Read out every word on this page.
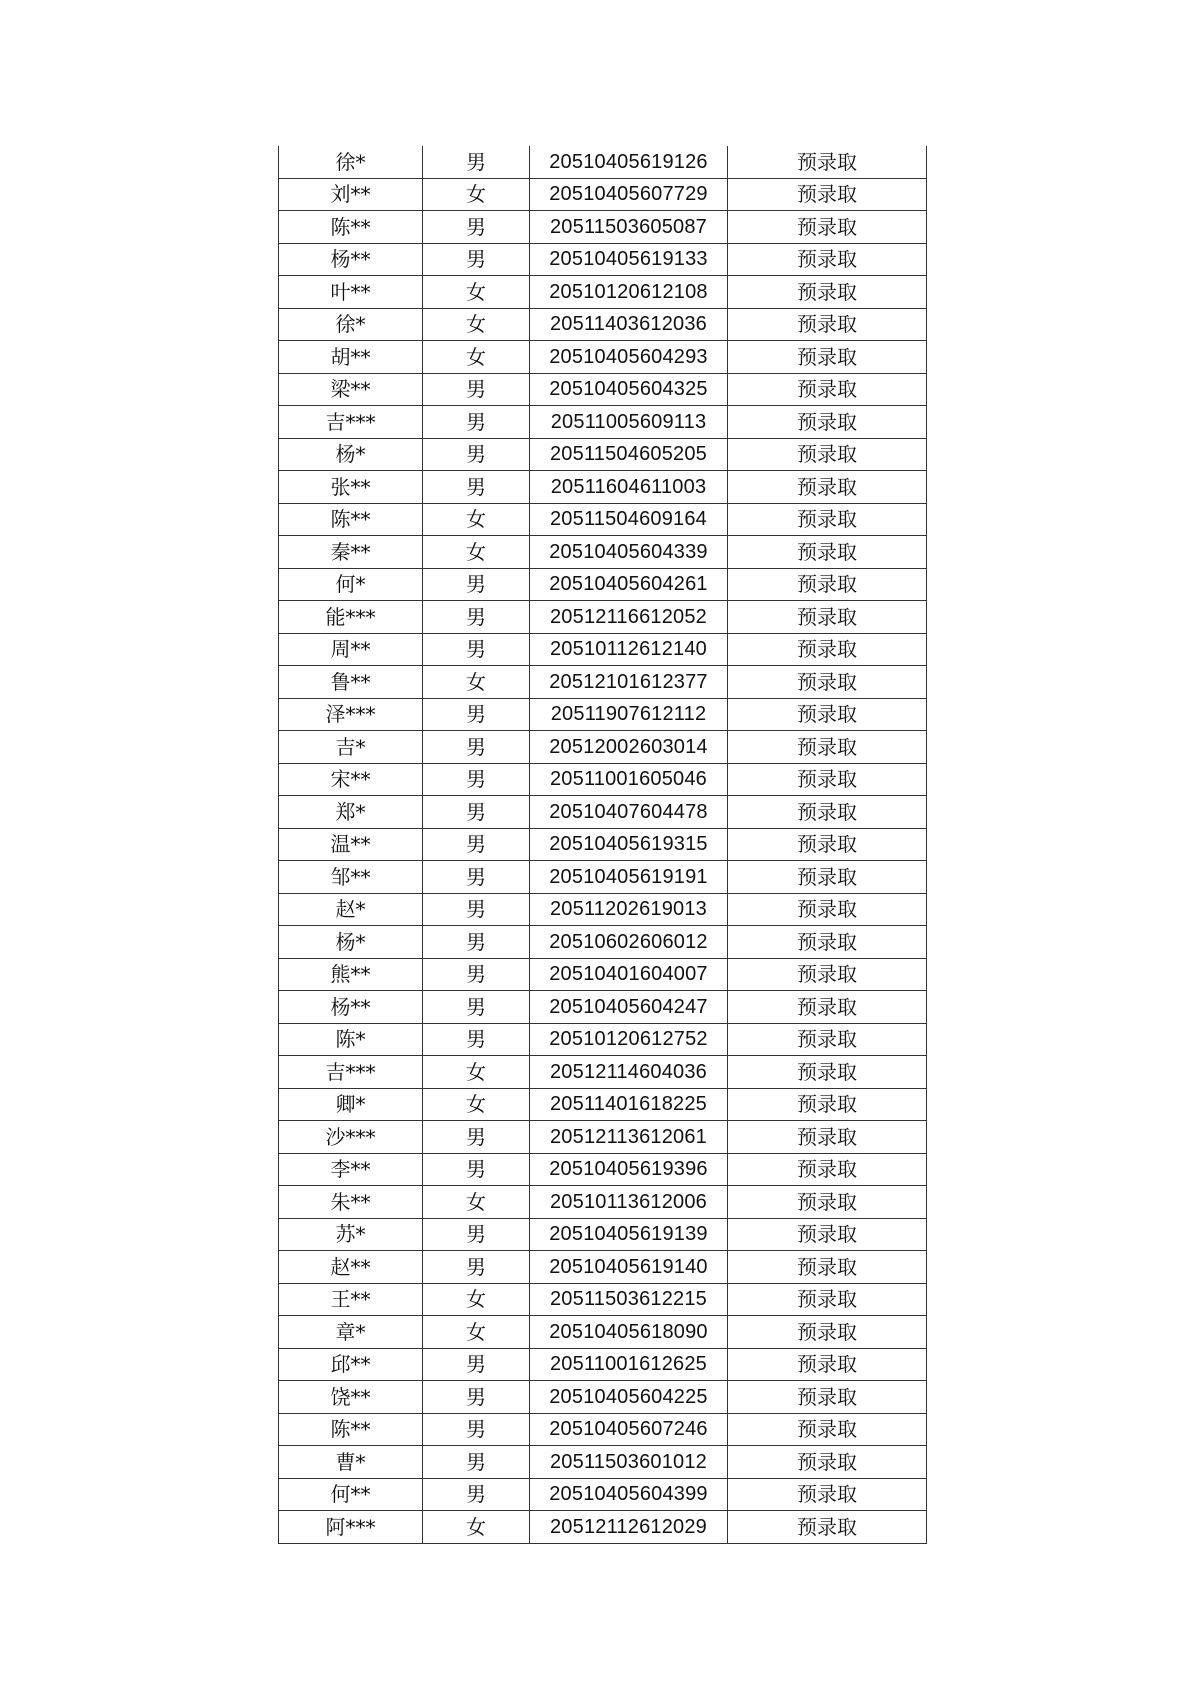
徐*	男	20510405619126	预录取
刘**	女	20510405607729	预录取
陈**	男	20511503605087	预录取
杨**	男	20510405619133	预录取
叶**	女	20510120612108	预录取
徐*	女	20511403612036	预录取
胡**	女	20510405604293	预录取
梁**	男	20510405604325	预录取
吉***	男	20511005609113	预录取
杨*	男	20511504605205	预录取
张**	男	20511604611003	预录取
陈**	女	20511504609164	预录取
秦**	女	20510405604339	预录取
何*	男	20510405604261	预录取
能***	男	20512116612052	预录取
周**	男	20510112612140	预录取
鲁**	女	20512101612377	预录取
泽***	男	20511907612112	预录取
吉*	男	20512002603014	预录取
宋**	男	20511001605046	预录取
郑*	男	20510407604478	预录取
温**	男	20510405619315	预录取
邹**	男	20510405619191	预录取
赵*	男	20511202619013	预录取
杨*	男	20510602606012	预录取
熊**	男	20510401604007	预录取
杨**	男	20510405604247	预录取
陈*	男	20510120612752	预录取
吉***	女	20512114604036	预录取
卿*	女	20511401618225	预录取
沙***	男	20512113612061	预录取
李**	男	20510405619396	预录取
朱**	女	20510113612006	预录取
苏*	男	20510405619139	预录取
赵**	男	20510405619140	预录取
王**	女	20511503612215	预录取
章*	女	20510405618090	预录取
邱**	男	20511001612625	预录取
饶**	男	20510405604225	预录取
陈**	男	20510405607246	预录取
曹*	男	20511503601012	预录取
何**	男	20510405604399	预录取
阿***	女	20512112612029	预录取
